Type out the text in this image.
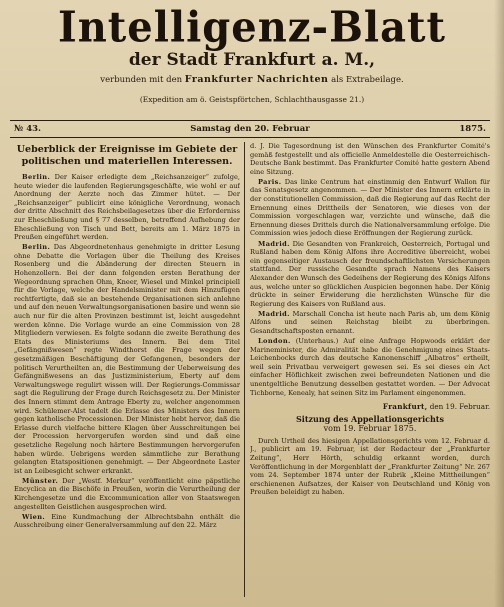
Intelligenz-Blatt
der Stadt Frankfurt a. M.,
verbunden mit den Frankfurter Nachrichten als Extrabeilage.
(Expedition am ö. Geistspförtchen, Schlachthausgasse 21.)
№ 43.	Samstag den 20. Februar	1875.
Ueberblick der Ereignisse im Gebiete der politischen und materiellen Interessen.

Berlin. Der Kaiser erledigte dem „Reichsanzeiger“ zufolge, heute wieder die laufenden Regierungsgeschäfte, wie wohl er auf Anordnung der Aerzte noch das Zimmer hütet. — Der „Reichsanzeiger“ publicirt eine königliche Verordnung, wonach der dritte Abschnitt des Reichsbeilagesetzes über die Erforderniss zur Eheschließung und § 77 desselben, betreffend Aufhebung der Eheschließung von Tisch und Bett, bereits am 1. März 1875 in Preußen eingeführt werden.

Berlin. Das Abgeordnetenhaus genehmigte in dritter Lesung ohne Debatte die Vorlagen über die Theilung des Kreises Rosenberg und die Abänderung der directen Steuern in Hohenzollern. Bei der dann folgenden ersten Berathung der Wegeordnung sprachen Ohm, Kneer, Wiesel und Minkel principiell für die Vorlage, welche der Handelsminister mit dem Hinzufügen rechtfertigte, daß sie an bestehende Organisationen sich anlehne und auf den neuen Verwaltungsorganisationen basire und wenn sie auch nur für die alten Provinzen bestimmt ist, leicht ausgedehnt werden könne. Die Vorlage wurde an eine Commission von 28 Mitgliedern verwiesen. Es folgte sodann die zweite Berathung des Etats des Ministeriums des Innern. Bei dem Titel „Gefängnißwesen“ regte Windthorst die Frage wegen der gesetzmäßigen Beschäftigung der Gefangenen, besonders der politisch Verurtheilten an, die Bestimmung der Ueberweisung des Gefängnißwesens an das Justizministerium, Eberty auf dem Verwaltungswege regulirt wissen will. Der Regierungs-Commissar sagt die Regulirung der Frage durch Reichsgesetz zu. Der Minister des Innern stimmt dem Antrage Eberty zu, welcher angenommen wird. Schülemer-Alst tadelt die Erlasse des Ministers des Innern gegen katholische Processionen. Der Minister hebt hervor, daß die Erlasse durch vielfache bittere Klagen über Ausschreitungen bei der Procession hervorgerufen worden sind und daß eine gesetzliche Regelung noch härtere Bestimmungen hervorgerufen haben würde. Uebrigens werden sämmtliche zur Berathung gelangten Etatspositionen genehmigt. — Der Abgeordnete Laster ist an Leibesgicht schwer erkrankt.

Münster. Der „Westf. Merkur“ veröffentlicht eine päpstliche Encyclica an die Bischöfe in Preußen, worin die Verurtheilung der Kirchengesetze und die Excommunication aller von Staatswegen angestellten Geistlichen ausgesprochen wird.

Wien. Eine Kundmachung der Albrechtsbahn enthält die Ausschreibung einer Generalversammlung auf den 22. März

d. J. Die Tagesordnung ist den Wünschen des Frankfurter Comité's gemäß festgestellt und als officielle Anmeldestelle die Oesterreichisch-Deutsche Bank bestimmt. Das Frankfurter Comité hatte gestern Abend eine Sitzung.

Paris. Das linke Centrum hat einstimmig den Entwurf Wallon für das Senatsgesetz angenommen. — Der Minister des Innern erklärte in der constitutionellen Commission, daß die Regierung auf das Recht der Ernennung eines Drittheils der Senatoren, wie dieses von der Commission vorgeschlagen war, verzichte und wünsche, daß die Ernennung dieses Drittels durch die Nationalversammlung erfolge. Die Commission wies jedoch diese Eröffnungen der Regierung zurück.

Madrid. Die Gesandten von Frankreich, Oesterreich, Portugal und Rußland haben dem König Alfons ihre Accreditive überreicht, wobei ein gegenseitiger Austausch der freundschaftlichsten Versicherungen stattfand. Der russische Gesandte sprach Namens des Kaisers Alexander den Wunsch des Gedeihens der Regierung des Königs Alfons aus, welche unter so glücklichen Auspicien begonnen habe. Der König drückte in seiner Erwiderung die herzlichsten Wünsche für die Regierung des Kaisers von Rußland aus.

Madrid. Marschall Concha ist heute nach Paris ab, um dem König Alfons und seinen Reichstag bleibt zu überbringen. Gesandtschaftsposten ernannt.

London. (Unterhaus.) Auf eine Anfrage Hopwoods erklärt der Marineminister, die Admiralität habe die Genehmigung eines Staats-Leichenbocks durch das deutsche Kanonenschiff „Albatros“ ertheilt, weil sein Privatbau verweigert gewesen sei. Es sei dieses ein Act einfacher Höflichkeit zwischen zwei befreundeten Nationen und die unentgeltliche Benutzung desselben gestattet worden. — Der Advocat Tichborne, Kenealy, hat seinen Sitz im Parlament eingenommen.

Frankfurt, den 19. Februar.
Sitzung des Appellationsgerichts
vom 19. Februar 1875.

Durch Urtheil des hiesigen Appellationsgerichts vom 12. Februar d. J., publicirt am 19. Februar, ist der Redacteur der „Frankfurter Zeitung“, Herr Hörth, schuldig erkannt worden, durch Veröffentlichung in der Morgenblatt der „Frankfurter Zeitung“ Nr. 267 vom 24. September 1874 unter der Rubrik „Kleine Mittheilungen“ erschienenen Aufsatzes, der Kaiser von Deutschland und König von Preußen beleidigt zu haben.
